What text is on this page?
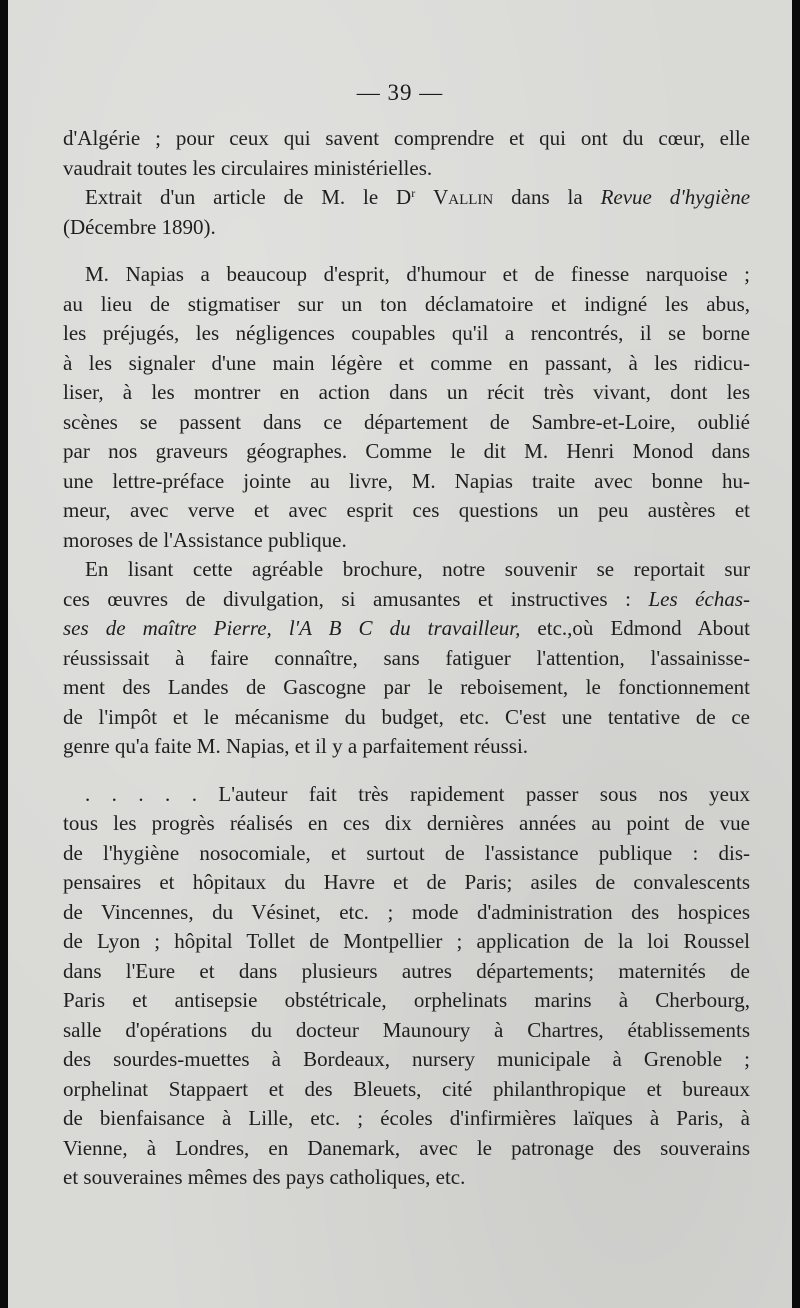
— 39 —
d'Algérie ; pour ceux qui savent comprendre et qui ont du cœur, elle
vaudrait toutes les circulaires ministérielles.
Extrait d'un article de M. le $D^r$ Vallin dans la Revue d'hygiène
(Décembre 1890).
M. Napias a beaucoup d'esprit, d'humour et de finesse narquoise ;
au lieu de stigmatiser sur un ton déclamatoire et indigné les abus,
les préjugés, les négligences coupables qu'il a rencontrés, il se borne
à les signaler d'une main légère et comme en passant, à les ridicu-
liser, à les montrer en action dans un récit très vivant, dont les
scènes se passent dans ce département de Sambre-et-Loire, oublié
par nos graveurs géographes. Comme le dit M. Henri Monod dans
une lettre-préface jointe au livre, M. Napias traite avec bonne hu-
meur, avec verve et avec esprit ces questions un peu austères et
moroses de l'Assistance publique.
En lisant cette agréable brochure, notre souvenir se reportait sur
ces œuvres de divulgation, si amusantes et instructives : Les échas-
ses de maître Pierre, l'A B C du travailleur, etc.,où Edmond About
réussissait à faire connaître, sans fatiguer l'attention, l'assainisse-
ment des Landes de Gascogne par le reboisement, le fonctionnement
de l'impôt et le mécanisme du budget, etc. C'est une tentative de ce
genre qu'a faite M. Napias, et il y a parfaitement réussi.
. . . . . L'auteur fait très rapidement passer sous nos yeux
tous les progrès réalisés en ces dix dernières années au point de vue
de l'hygiène nosocomiale, et surtout de l'assistance publique : dis-
pensaires et hôpitaux du Havre et de Paris; asiles de convalescents
de Vincennes, du Vésinet, etc. ; mode d'administration des hospices
de Lyon ; hôpital Tollet de Montpellier ; application de la loi Roussel
dans l'Eure et dans plusieurs autres départements; maternités de
Paris et antisepsie obstétricale, orphelinats marins à Cherbourg,
salle d'opérations du docteur Maunoury à Chartres, établissements
des sourdes-muettes à Bordeaux, nursery municipale à Grenoble ;
orphelinat Stappaert et des Bleuets, cité philanthropique et bureaux
de bienfaisance à Lille, etc. ; écoles d'infirmières laïques à Paris, à
Vienne, à Londres, en Danemark, avec le patronage des souverains
et souveraines mêmes des pays catholiques, etc.
